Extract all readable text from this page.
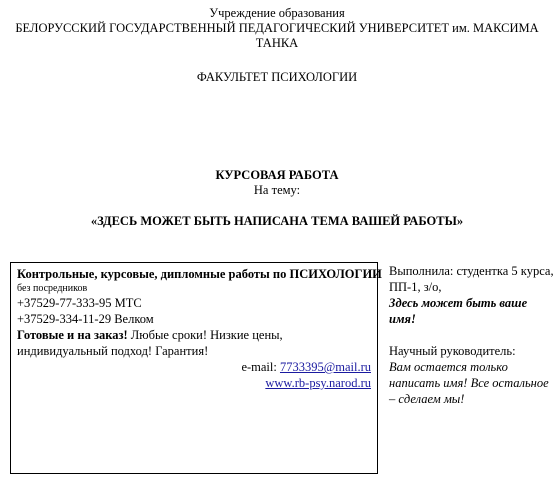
Учреждение образования
БЕЛОРУССКИЙ ГОСУДАРСТВЕННЫЙ ПЕДАГОГИЧЕСКИЙ УНИВЕРСИТЕТ им. МАКСИМА ТАНКА
ФАКУЛЬТЕТ ПСИХОЛОГИИ
КУРСОВАЯ РАБОТА
На тему:
«ЗДЕСЬ МОЖЕТ БЫТЬ НАПИСАНА ТЕМА ВАШЕЙ РАБОТЫ»
Контрольные, курсовые, дипломные работы по ПСИХОЛОГИИ
без посредников
+37529-77-333-95 МТС
+37529-334-11-29 Велком
Готовые и на заказ! Любые сроки! Низкие цены,
индивидуальный подход! Гарантия!
e-mail: 7733395@mail.ru
www.rb-psy.narod.ru
Выполнила: студентка 5 курса,
ПП-1, з/о,
Здесь может быть ваше
имя!
Научный руководитель:
Вам остается только
написать имя! Все остальное
– сделаем мы!
